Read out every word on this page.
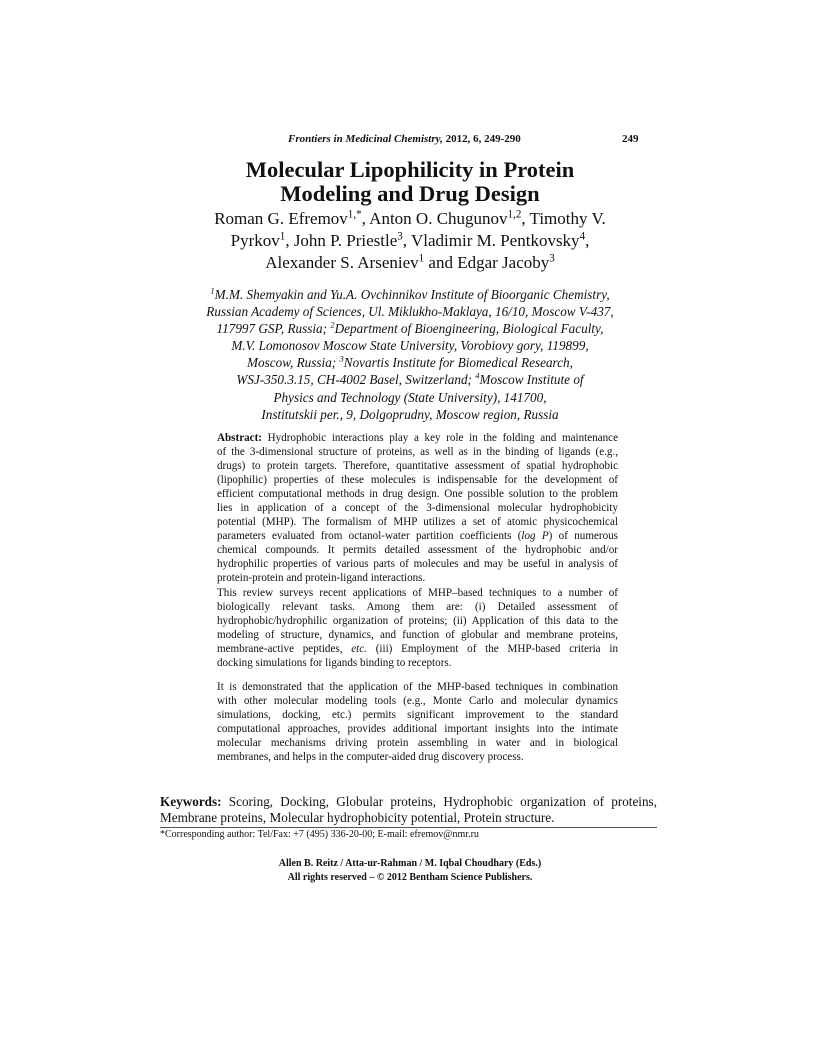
Frontiers in Medicinal Chemistry, 2012, 6, 249-290	249
Molecular Lipophilicity in Protein
Modeling and Drug Design
Roman G. Efremov$^{1,*}$, Anton O. Chugunov$^{1,2}$, Timothy V.
Pyrkov$^1$, John P. Priestle$^3$, Vladimir M. Pentkovsky$^4$,
Alexander S. Arseniev$^1$ and Edgar Jacoby$^3$
$^1$M.M. Shemyakin and Yu.A. Ovchinnikov Institute of Bioorganic Chemistry,
Russian Academy of Sciences, Ul. Miklukho-Maklaya, 16/10, Moscow V-437,
117997 GSP, Russia; $^2$Department of Bioengineering, Biological Faculty,
M.V. Lomonosov Moscow State University, Vorobiovy gory, 119899,
Moscow, Russia; $^3$Novartis Institute for Biomedical Research,
WSJ-350.3.15, CH-4002 Basel, Switzerland; $^4$Moscow Institute of
Physics and Technology (State University), 141700,
Institutskii per., 9, Dolgoprudny, Moscow region, Russia
Abstract: Hydrophobic interactions play a key role in the folding and maintenance
of the 3-dimensional structure of proteins, as well as in the binding of ligands (e.g.,
drugs) to protein targets. Therefore, quantitative assessment of spatial hydrophobic
(lipophilic) properties of these molecules is indispensable for the development of
efficient computational methods in drug design. One possible solution to the problem
lies in application of a concept of the 3-dimensional molecular hydrophobicity
potential (MHP). The formalism of MHP utilizes a set of atomic physicochemical
parameters evaluated from octanol-water partition coefficients (log P) of numerous
chemical compounds. It permits detailed assessment of the hydrophobic and/or
hydrophilic properties of various parts of molecules and may be useful in analysis of
protein-protein and protein-ligand interactions.
This review surveys recent applications of MHP–based techniques to a number of
biologically relevant tasks. Among them are: (i) Detailed assessment of
hydrophobic/hydrophilic organization of proteins; (ii) Application of this data to the
modeling of structure, dynamics, and function of globular and membrane proteins,
membrane-active peptides, etc. (iii) Employment of the MHP-based criteria in
docking simulations for ligands binding to receptors.
It is demonstrated that the application of the MHP-based techniques in combination
with other molecular modeling tools (e.g., Monte Carlo and molecular dynamics
simulations, docking, etc.) permits significant improvement to the standard
computational approaches, provides additional important insights into the intimate
molecular mechanisms driving protein assembling in water and in biological
membranes, and helps in the computer-aided drug discovery process.
Keywords: Scoring, Docking, Globular proteins, Hydrophobic organization of proteins,
Membrane proteins, Molecular hydrophobicity potential, Protein structure.
*Corresponding author: Tel/Fax: +7 (495) 336-20-00; E-mail: efremov@nmr.ru
Allen B. Reitz / Atta-ur-Rahman / M. Iqbal Choudhary (Eds.)
All rights reserved – © 2012 Bentham Science Publishers.
